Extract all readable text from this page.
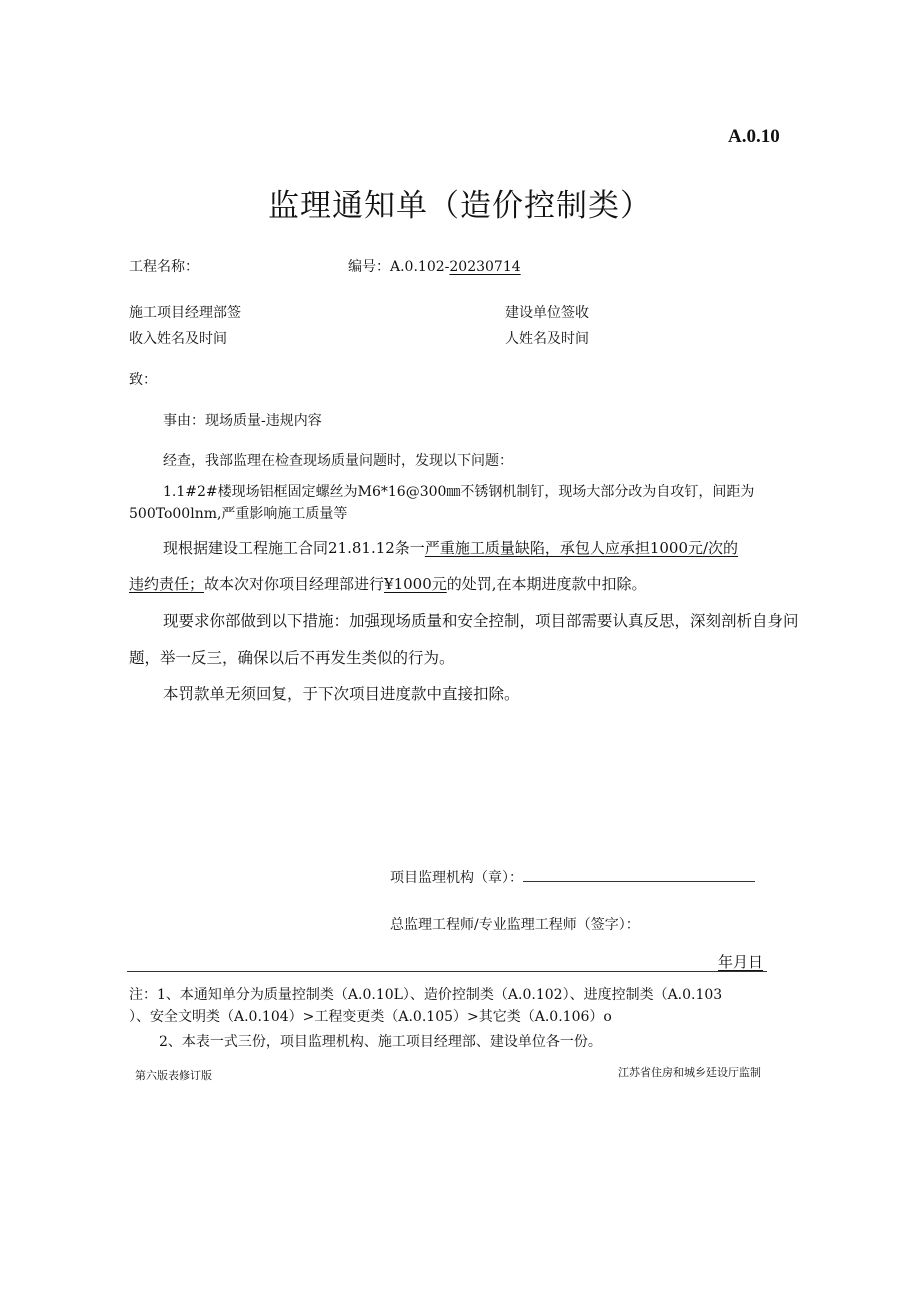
A.0.10
监理通知单（造价控制类）
工程名称：	编号：A.0.102-20230714
施工项目经理部签
收入姓名及时间
建设单位签收
人姓名及时间
致：
事由：现场质量-违规内容
经查，我部监理在检查现场质量问题时，发现以下问题：
1.1#2#楼现场铝框固定螺丝为M6*16@300㎜不锈钢机制钉，现场大部分改为自攻钉，间距为
500To00lnm,严重影响施工质量等
现根据建设工程施工合同21.81.12条一严重施工质量缺陷，承包人应承担1000元/次的
违约责任；故本次对你项目经理部进行¥1000元的处罚,在本期进度款中扣除。
现要求你部做到以下措施：加强现场质量和安全控制，项目部需要认真反思，深刻剖析自身问
题，举一反三，确保以后不再发生类似的行为。
本罚款单无须回复，于下次项目进度款中直接扣除。
项目监理机构（章）：
总监理工程师/专业监理工程师（签字）：
年月日
注：1、本通知单分为质量控制类（A.0.10L）、造价控制类（A.0.102）、进度控制类（A.0.103
）、安全文明类（A.0.104）>工程变更类（A.0.105）>其它类（A.0.106）o
2、本表一式三份，项目监理机构、施工项目经理部、建设单位各一份。
第六版表修订版	江苏省住房和城乡廷设厅监制
